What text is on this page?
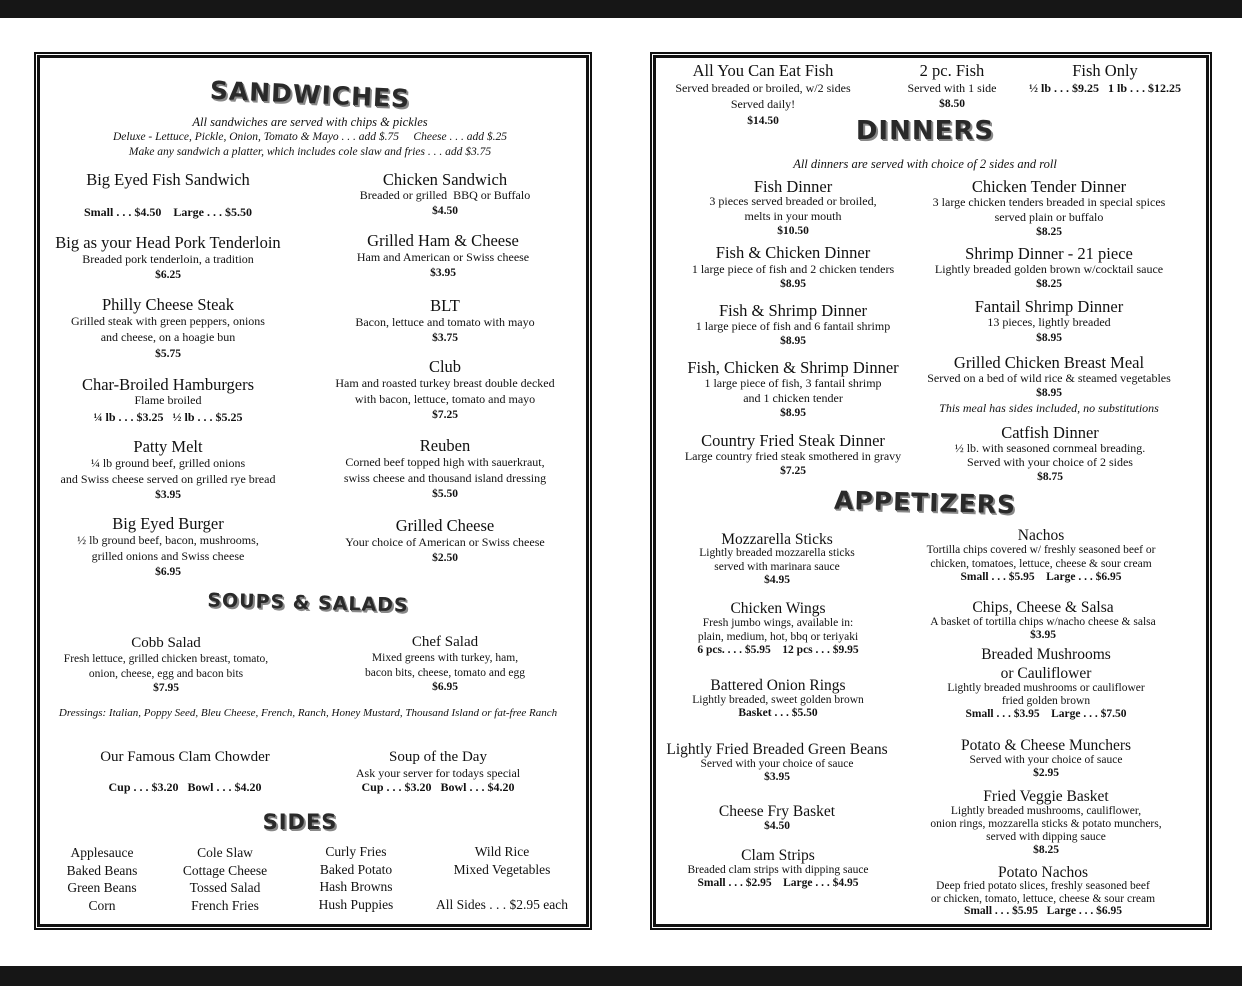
SANDWICHES
All sandwiches are served with chips & pickles
Deluxe - Lettuce, Pickle, Onion, Tomato & Mayo . . . add $.75     Cheese . . . add $.25
Make any sandwich a platter, which includes cole slaw and fries . . . add $3.75
Big Eyed Fish Sandwich
Small . . . $4.50    Large . . . $5.50
Chicken Sandwich
Breaded or grilled  BBQ or Buffalo
$4.50
Big as your Head Pork Tenderloin
Breaded pork tenderloin, a tradition
$6.25
Grilled Ham & Cheese
Ham and American or Swiss cheese
$3.95
Philly Cheese Steak
Grilled steak with green peppers, onions
and cheese, on a hoagie bun
$5.75
BLT
Bacon, lettuce and tomato with mayo
$3.75
Club
Ham and roasted turkey breast double decked
with bacon, lettuce, tomato and mayo
$7.25
Char-Broiled Hamburgers
Flame broiled
¼ lb . . . $3.25   ½ lb . . . $5.25
Patty Melt
¼ lb ground beef, grilled onions
and Swiss cheese served on grilled rye bread
$3.95
Reuben
Corned beef topped high with sauerkraut,
swiss cheese and thousand island dressing
$5.50
Big Eyed Burger
½ lb ground beef, bacon, mushrooms,
grilled onions and Swiss cheese
$6.95
Grilled Cheese
Your choice of American or Swiss cheese
$2.50
SOUPS & SALADS
Cobb Salad
Fresh lettuce, grilled chicken breast, tomato,
onion, cheese, egg and bacon bits
$7.95
Chef Salad
Mixed greens with turkey, ham,
bacon bits, cheese, tomato and egg
$6.95
Dressings: Italian, Poppy Seed, Bleu Cheese, French, Ranch, Honey Mustard, Thousand Island or fat-free Ranch
Our Famous Clam Chowder
Cup . . . $3.20   Bowl . . . $4.20
Soup of the Day
Ask your server for todays special
Cup . . . $3.20   Bowl . . . $4.20
SIDES
Applesauce
Baked Beans
Green Beans
Corn
Cole Slaw
Cottage Cheese
Tossed Salad
French Fries
Curly Fries
Baked Potato
Hash Browns
Hush Puppies
Wild Rice
Mixed Vegetables
All Sides . . . $2.95 each
All You Can Eat Fish
Served breaded or broiled, w/2 sides
Served daily!
$14.50
2 pc. Fish
Served with 1 side
$8.50
Fish Only
½ lb . . . $9.25   1 lb . . . $12.25
DINNERS
All dinners are served with choice of 2 sides and roll
Fish Dinner
3 pieces served breaded or broiled,
melts in your mouth
$10.50
Chicken Tender Dinner
3 large chicken tenders breaded in special spices
served plain or buffalo
$8.25
Fish & Chicken Dinner
1 large piece of fish and 2 chicken tenders
$8.95
Shrimp Dinner - 21 piece
Lightly breaded golden brown w/cocktail sauce
$8.25
Fish & Shrimp Dinner
1 large piece of fish and 6 fantail shrimp
$8.95
Fantail Shrimp Dinner
13 pieces, lightly breaded
$8.95
Fish, Chicken & Shrimp Dinner
1 large piece of fish, 3 fantail shrimp
and 1 chicken tender
$8.95
Grilled Chicken Breast Meal
Served on a bed of wild rice & steamed vegetables
$8.95
This meal has sides included, no substitutions
Country Fried Steak Dinner
Large country fried steak smothered in gravy
$7.25
Catfish Dinner
½ lb. with seasoned cornmeal breading.
Served with your choice of 2 sides
$8.75
APPETIZERS
Mozzarella Sticks
Lightly breaded mozzarella sticks
served with marinara sauce
$4.95
Nachos
Tortilla chips covered w/ freshly seasoned beef or
chicken, tomatoes, lettuce, cheese & sour cream
Small . . . $5.95    Large . . . $6.95
Chicken Wings
Fresh jumbo wings, available in:
plain, medium, hot, bbq or teriyaki
6 pcs. . . . $5.95    12 pcs . . . $9.95
Chips, Cheese & Salsa
A basket of tortilla chips w/nacho cheese & salsa
$3.95
Breaded Mushrooms
or Cauliflower
Lightly breaded mushrooms or cauliflower
fried golden brown
Small . . . $3.95    Large . . . $7.50
Battered Onion Rings
Lightly breaded, sweet golden brown
Basket . . . $5.50
Lightly Fried Breaded Green Beans
Served with your choice of sauce
$3.95
Potato & Cheese Munchers
Served with your choice of sauce
$2.95
Cheese Fry Basket
$4.50
Fried Veggie Basket
Lightly breaded mushrooms, cauliflower,
onion rings, mozzarella sticks & potato munchers,
served with dipping sauce
$8.25
Clam Strips
Breaded clam strips with dipping sauce
Small . . . $2.95    Large . . . $4.95
Potato Nachos
Deep fried potato slices, freshly seasoned beef
or chicken, tomato, lettuce, cheese & sour cream
Small . . . $5.95   Large . . . $6.95
